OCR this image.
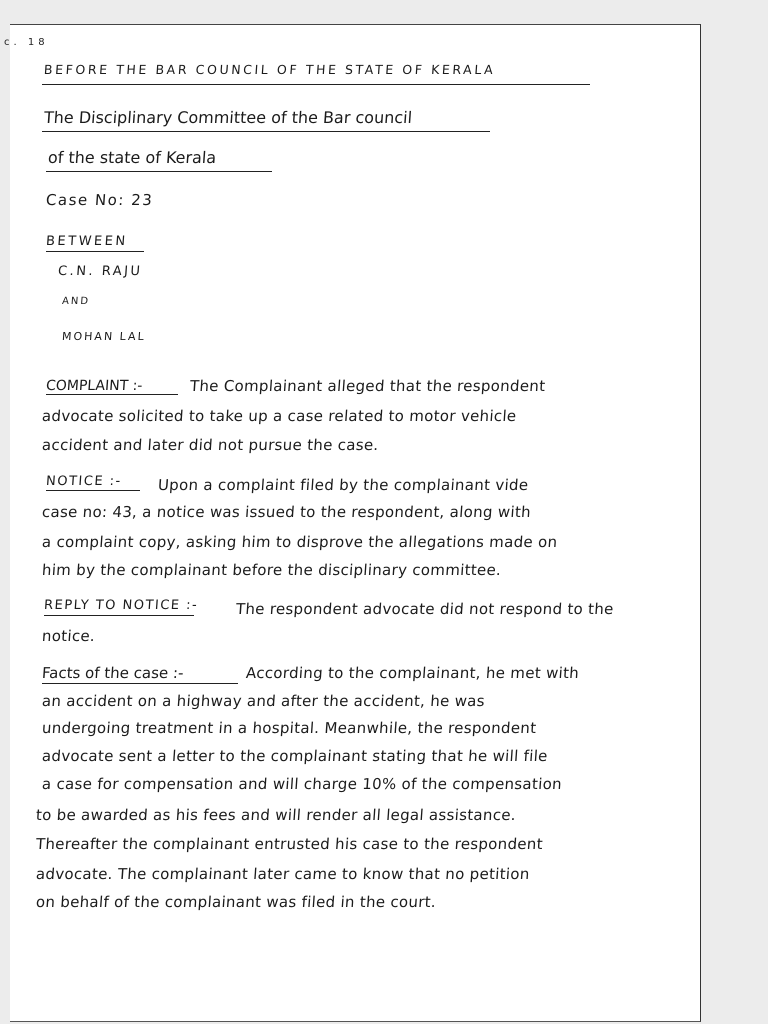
c. 18
BEFORE THE BAR COUNCIL OF THE STATE OF KERALA
The Disciplinary Committee of the Bar council
of the state of Kerala
Case No: 23
BETWEEN
C.N. RAJU
AND
MOHAN LAL
COMPLAINT :-	The Complainant alleged that the respondent
advocate solicited to take up a case related to motor vehicle
accident and later did not pursue the case.
NOTICE :- Upon a complaint filed by the complainant vide
case no: 43, a notice was issued to the respondent, along with
a complaint copy, asking him to disprove the allegations made on
him by the complainant before the disciplinary committee.
REPLY TO NOTICE :- The respondent advocate did not respond to the
notice.
Facts of the case :-	According to the complainant, he met with
an accident on a highway and after the accident, he was
undergoing treatment in a hospital. Meanwhile, the respondent
advocate sent a letter to the complainant stating that he will file
a case for compensation and will charge 10% of the compensation
to be awarded as his fees and will render all legal assistance.
Thereafter the complainant entrusted his case to the respondent
advocate. The complainant later came to know that no petition
on behalf of the complainant was filed in the court.
